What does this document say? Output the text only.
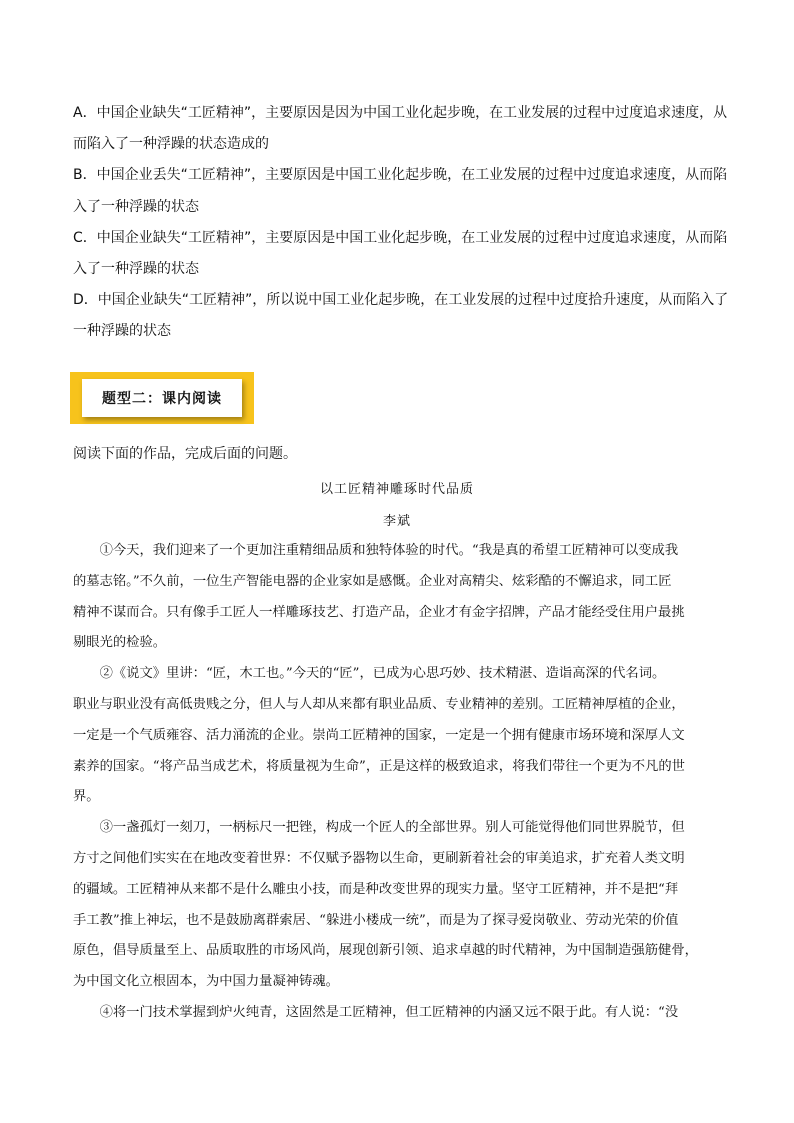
A．中国企业缺失“工匠精神”，主要原因是因为中国工业化起步晚，在工业发展的过程中过度追求速度，从
而陷入了一种浮躁的状态造成的
B．中国企业丢失“工匠精神”，主要原因是中国工业化起步晚，在工业发展的过程中过度追求速度，从而陷
入了一种浮躁的状态
C．中国企业缺失“工匠精神”，主要原因是中国工业化起步晚，在工业发展的过程中过度追求速度，从而陷
入了一种浮躁的状态
D．中国企业缺失“工匠精神”，所以说中国工业化起步晚，在工业发展的过程中过度拾升速度，从而陷入了
一种浮躁的状态
题型二：课内阅读
阅读下面的作品，完成后面的问题。
以工匠精神雕琢时代品质
李斌
　　①今天，我们迎来了一个更加注重精细品质和独特体验的时代。“我是真的希望工匠精神可以变成我
的墓志铭。”不久前，一位生产智能电器的企业家如是感慨。企业对高精尖、炫彩酷的不懈追求，同工匠
精神不谋而合。只有像手工匠人一样雕琢技艺、打造产品，企业才有金字招牌，产品才能经受住用户最挑
剔眼光的检验。
　　②《说文》里讲：“匠，木工也。”今天的“匠”，已成为心思巧妙、技术精湛、造诣高深的代名词。
职业与职业没有高低贵贱之分，但人与人却从来都有职业品质、专业精神的差别。工匠精神厚植的企业，
一定是一个气质雍容、活力涌流的企业。崇尚工匠精神的国家，一定是一个拥有健康市场环境和深厚人文
素养的国家。“将产品当成艺术，将质量视为生命”，正是这样的极致追求，将我们带往一个更为不凡的世
界。
　　③一盏孤灯一刻刀，一柄标尺一把锉，构成一个匠人的全部世界。别人可能觉得他们同世界脱节，但
方寸之间他们实实在在地改变着世界：不仅赋予器物以生命，更刷新着社会的审美追求，扩充着人类文明
的疆域。工匠精神从来都不是什么雕虫小技，而是种改变世界的现实力量。坚守工匠精神，并不是把“拜
手工教”推上神坛，也不是鼓励离群索居、“躲进小楼成一统”，而是为了探寻爱岗敬业、劳动光荣的价值
原色，倡导质量至上、品质取胜的市场风尚，展现创新引领、追求卓越的时代精神，为中国制造强筋健骨，
为中国文化立根固本，为中国力量凝神铸魂。
　　④将一门技术掌握到炉火纯青，这固然是工匠精神，但工匠精神的内涵又远不限于此。有人说：“没
